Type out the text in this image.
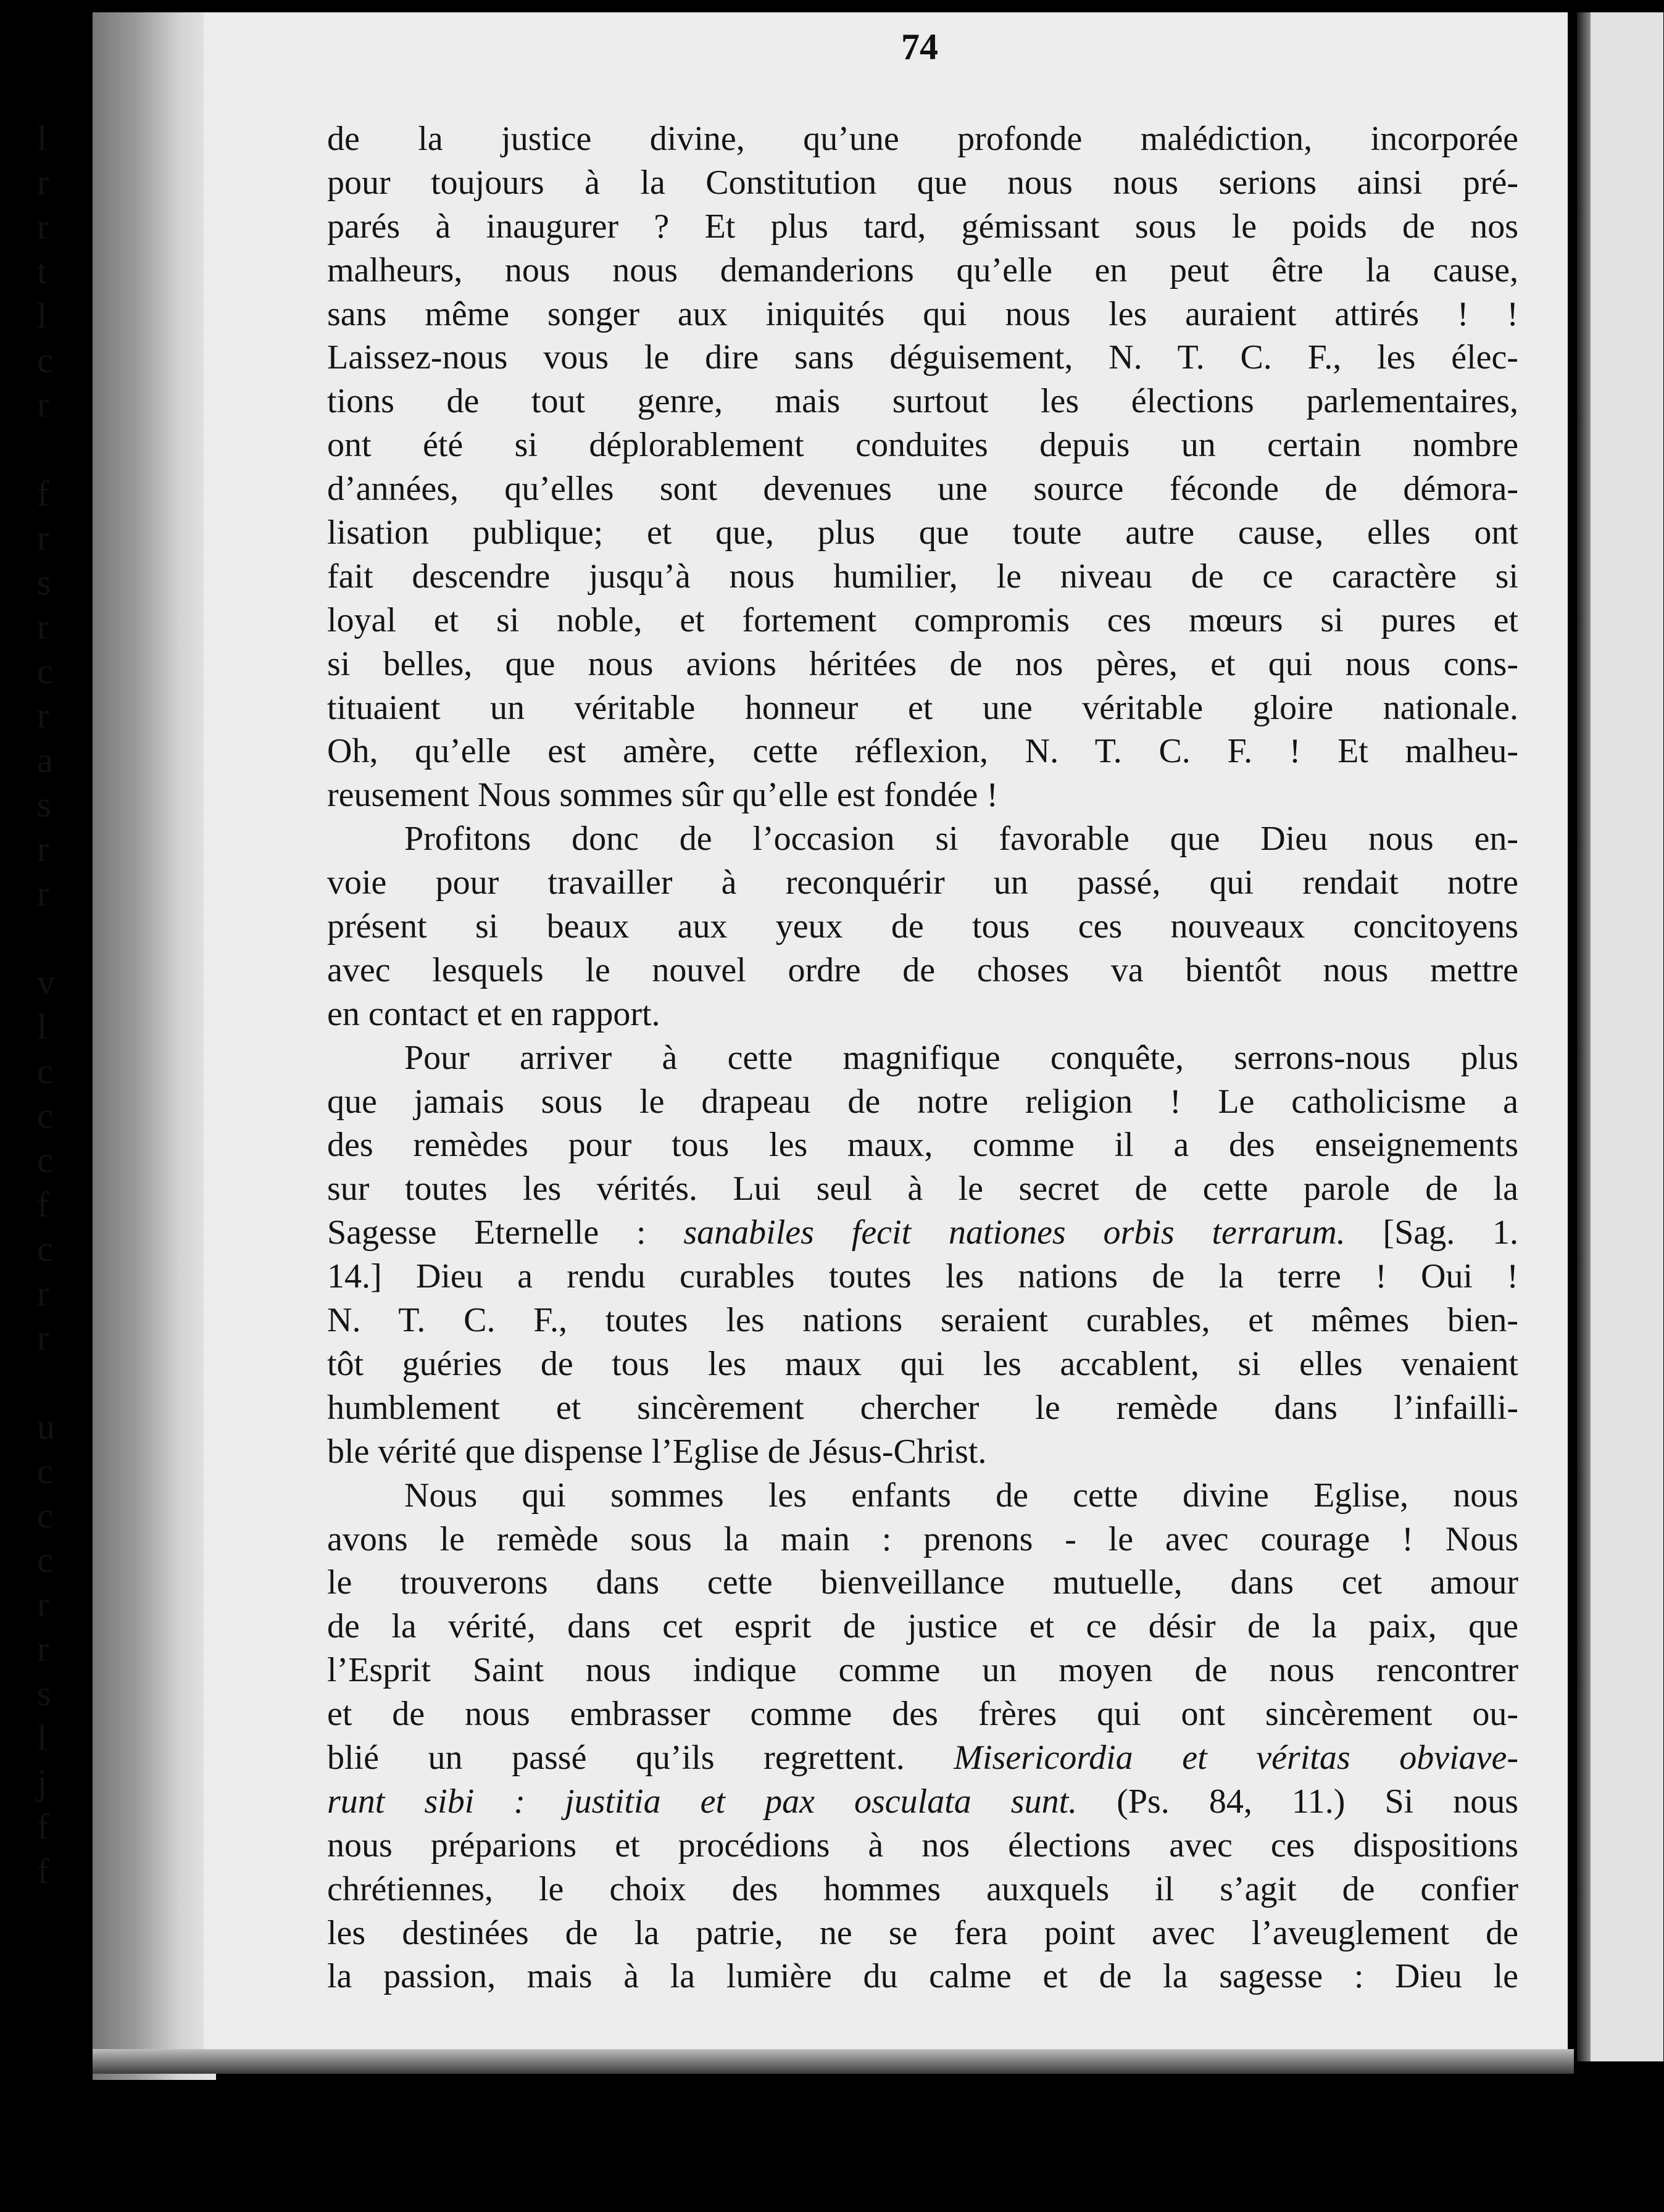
l
r
r
t
l
c
r
f
r
s
r
c
r
a
s
r
r
v
l
c
c
c
f
c
r
r
u
c
c
c
r
r
s
l
j
f
f
74
de la justice divine, qu’une profonde malédiction, incorporée
pour toujours à la Constitution que nous nous serions ainsi pré-
parés à inaugurer ? Et plus tard, gémissant sous le poids de nos
malheurs, nous nous demanderions qu’elle en peut être la cause,
sans même songer aux iniquités qui nous les auraient attirés ! !
Laissez-nous vous le dire sans déguisement, N. T. C. F., les élec-
tions de tout genre, mais surtout les élections parlementaires,
ont été si déplorablement conduites depuis un certain nombre
d’années, qu’elles sont devenues une source féconde de démora-
lisation publique; et que, plus que toute autre cause, elles ont
fait descendre jusqu’à nous humilier, le niveau de ce caractère si
loyal et si noble, et fortement compromis ces mœurs si pures et
si belles, que nous avions héritées de nos pères, et qui nous cons-
tituaient un véritable honneur et une véritable gloire nationale.
Oh, qu’elle est amère, cette réflexion, N. T. C. F. ! Et malheu-
reusement Nous sommes sûr qu’elle est fondée !
Profitons donc de l’occasion si favorable que Dieu nous en-
voie pour travailler à reconquérir un passé, qui rendait notre
présent si beaux aux yeux de tous ces nouveaux concitoyens
avec lesquels le nouvel ordre de choses va bientôt nous mettre
en contact et en rapport.
Pour arriver à cette magnifique conquête, serrons-nous plus
que jamais sous le drapeau de notre religion ! Le catholicisme a
des remèdes pour tous les maux, comme il a des enseignements
sur toutes les vérités. Lui seul à le secret de cette parole de la
Sagesse Eternelle : sanabiles fecit nationes orbis terrarum. [Sag. 1.
14.] Dieu a rendu curables toutes les nations de la terre ! Oui !
N. T. C. F., toutes les nations seraient curables, et mêmes bien-
tôt guéries de tous les maux qui les accablent, si elles venaient
humblement et sincèrement chercher le remède dans l’infailli-
ble vérité que dispense l’Eglise de Jésus-Christ.
Nous qui sommes les enfants de cette divine Eglise, nous
avons le remède sous la main : prenons - le avec courage ! Nous
le trouverons dans cette bienveillance mutuelle, dans cet amour
de la vérité, dans cet esprit de justice et ce désir de la paix, que
l’Esprit Saint nous indique comme un moyen de nous rencontrer
et de nous embrasser comme des frères qui ont sincèrement ou-
blié un passé qu’ils regrettent. Misericordia et véritas obviave-
runt sibi : justitia et pax osculata sunt. (Ps. 84, 11.) Si nous
nous préparions et procédions à nos élections avec ces dispositions
chrétiennes, le choix des hommes auxquels il s’agit de confier
les destinées de la patrie, ne se fera point avec l’aveuglement de
la passion, mais à la lumière du calme et de la sagesse : Dieu le
